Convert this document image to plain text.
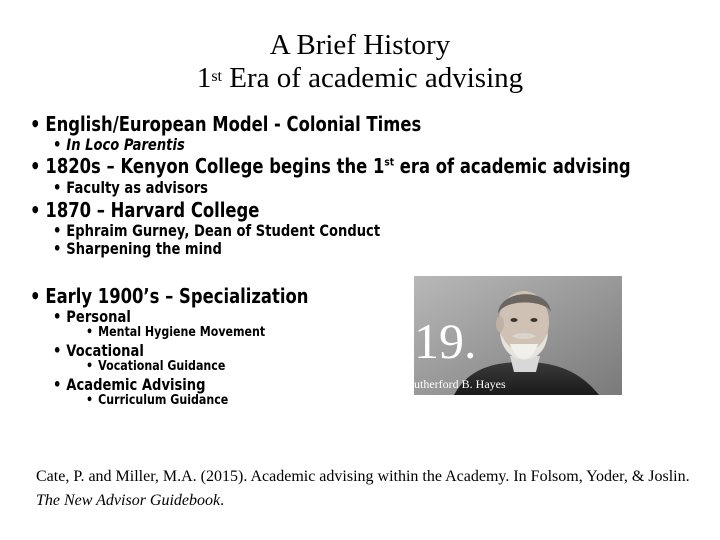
A Brief History
1st Era of academic advising
• English/European Model - Colonial Times
• In Loco Parentis
• 1820s – Kenyon College begins the 1st era of academic advising
• Faculty as advisors
• 1870 – Harvard College
• Ephraim Gurney, Dean of Student Conduct
• Sharpening the mind
• Early 1900’s – Specialization
• Personal
• Mental Hygiene Movement
• Vocational
• Vocational Guidance
• Academic Advising
• Curriculum Guidance
19.
utherford B. Hayes
Cate, P. and Miller, M.A. (2015). Academic advising within the Academy. In Folsom, Yoder, & Joslin. The New Advisor Guidebook.
